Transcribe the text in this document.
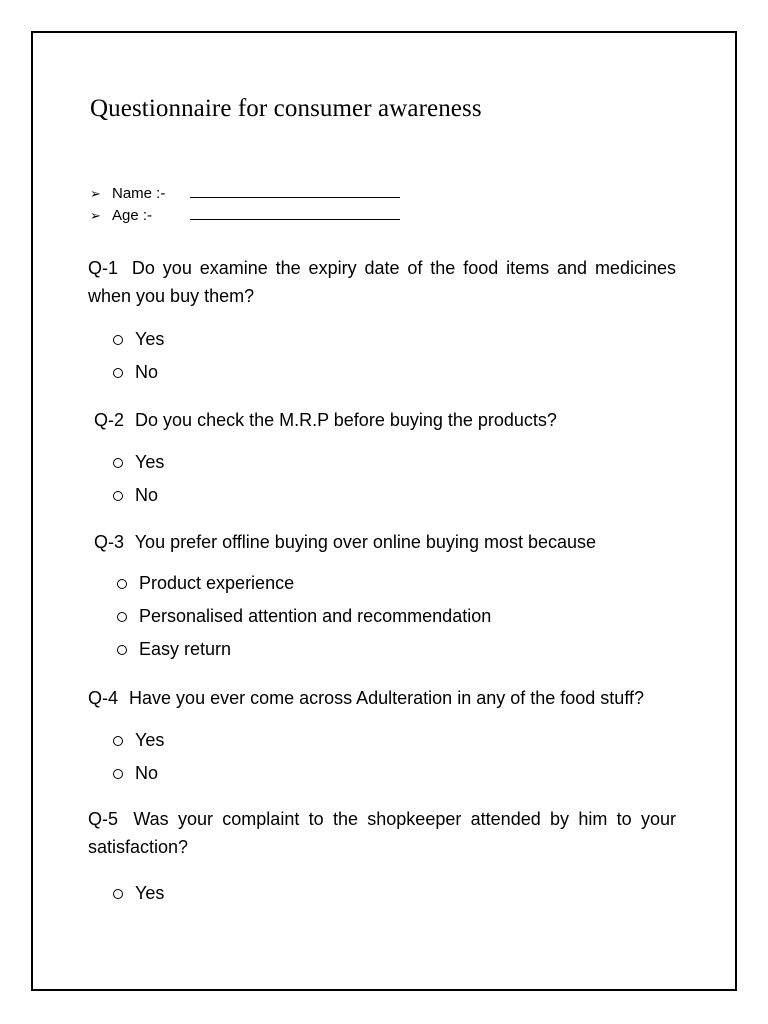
Questionnaire for consumer awareness
➢ Name :-
➢ Age :-

Q-1 Do you examine the expiry date of the food items and medicines when you buy them?

Yes
No

Q-2 Do you check the M.R.P before buying the products?

Yes
No

Q-3 You prefer offline buying over online buying most because

Product experience
Personalised attention and recommendation
Easy return

Q-4 Have you ever come across Adulteration in any of the food stuff?

Yes
No

Q-5 Was your complaint to the shopkeeper attended by him to your satisfaction?

Yes
